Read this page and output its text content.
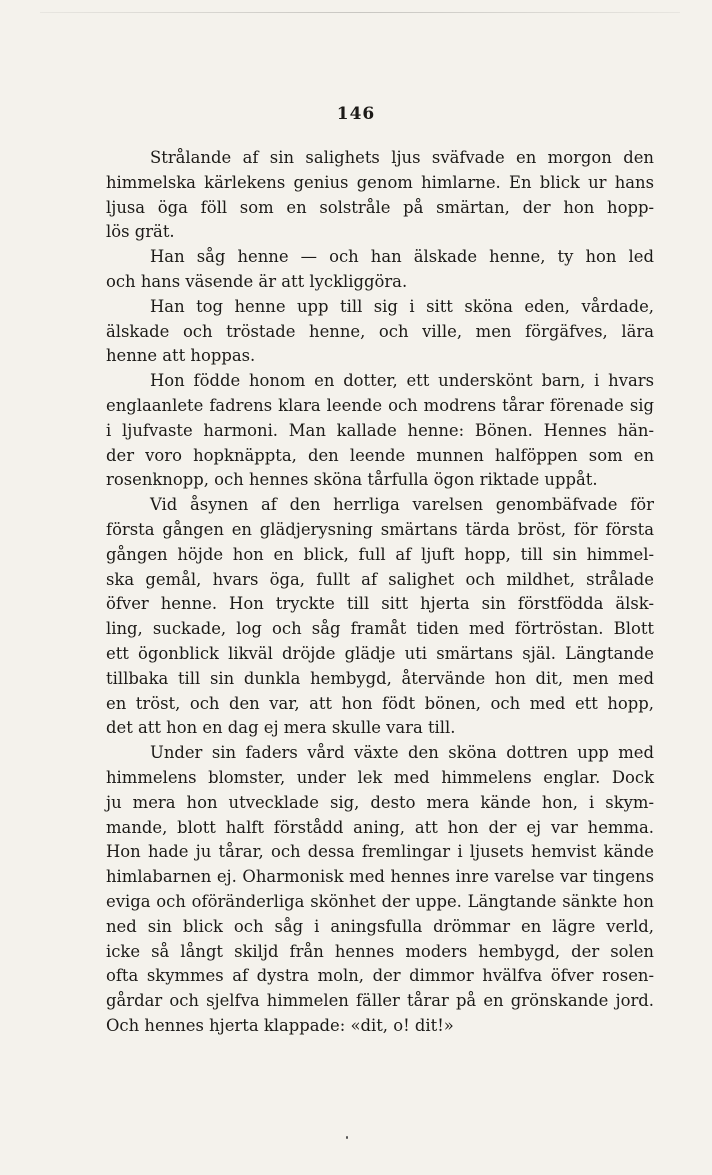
146
Strålande af sin salighets ljus sväfvade en morgon den
himmelska kärlekens genius genom himlarne. En blick ur hans
ljusa öga föll som en solstråle på smärtan, der hon hopp-
lös grät.
Han såg henne — och han älskade henne, ty hon led
och hans väsende är att lyckliggöra.
Han tog henne upp till sig i sitt sköna eden, vårdade,
älskade och tröstade henne, och ville, men förgäfves, lära
henne att hoppas.
Hon födde honom en dotter, ett underskönt barn, i hvars
englaanlete fadrens klara leende och modrens tårar förenade sig
i ljufvaste harmoni. Man kallade henne: Bönen. Hennes hän-
der voro hopknäppta, den leende munnen halföppen som en
rosenknopp, och hennes sköna tårfulla ögon riktade uppåt.
Vid åsynen af den herrliga varelsen genombäfvade för
första gången en glädjerysning smärtans tärda bröst, för första
gången höjde hon en blick, full af ljuft hopp, till sin himmel-
ska gemål, hvars öga, fullt af salighet och mildhet, strålade
öfver henne. Hon tryckte till sitt hjerta sin förstfödda älsk-
ling, suckade, log och såg framåt tiden med förtröstan. Blott
ett ögonblick likväl dröjde glädje uti smärtans själ. Längtande
tillbaka till sin dunkla hembygd, återvände hon dit, men med
en tröst, och den var, att hon födt bönen, och med ett hopp,
det att hon en dag ej mera skulle vara till.
Under sin faders vård växte den sköna dottren upp med
himmelens blomster, under lek med himmelens englar. Dock
ju mera hon utvecklade sig, desto mera kände hon, i skym-
mande, blott halft förstådd aning, att hon der ej var hemma.
Hon hade ju tårar, och dessa fremlingar i ljusets hemvist kände
himlabarnen ej. Oharmonisk med hennes inre varelse var tingens
eviga och oföränderliga skönhet der uppe. Längtande sänkte hon
ned sin blick och såg i aningsfulla drömmar en lägre verld,
icke så långt skiljd från hennes moders hembygd, der solen
ofta skymmes af dystra moln, der dimmor hvälfva öfver rosen-
gårdar och sjelfva himmelen fäller tårar på en grönskande jord.
Och hennes hjerta klappade: «dit, o! dit!»
